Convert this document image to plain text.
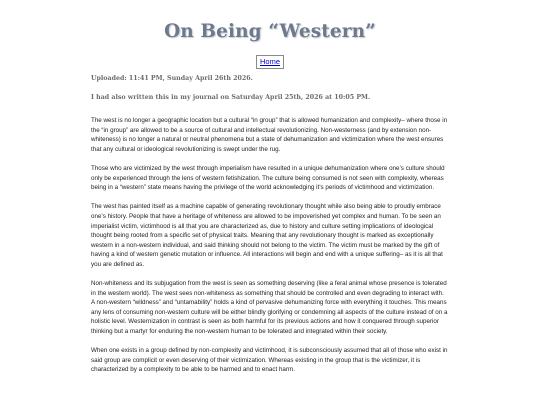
On Being “Western”
Home
Uploaded: 11:41 PM, Sunday April 26th 2026.
I had also written this in my journal on Saturday April 25th, 2026 at 10:05 PM.

The west is no longer a geographic location but a cultural “in group” that is allowed humanization and complexity– where those in the “in group” are allowed to be a source of cultural and intellectual revolutionizing. Non-westerness (and by extension non-whiteness) is no longer a natural or neutral phenomena but a state of dehumanization and victimization where the west ensures that any cultural or ideological revolutionizing is swept under the rug.

Those who are victimized by the west through imperialism have resulted in a unique dehumanization where one’s culture should only be experienced through the lens of western fetishization. The culture being consumed is not seen with complexity, whereas being in a “western” state means having the privilege of the world acknowledging it’s periods of victimhood and victimization.

The west has painted itself as a machine capable of generating revolutionary thought while also being able to proudly embrace one’s history. People that have a heritage of whiteness are allowed to be impoverished yet complex and human. To be seen an imperialist victim, victimhood is all that you are characterized as, due to history and culture setting implications of ideological thought being rooted from a specific set of physical traits. Meaning that any revolutionary thought is marked as exceptionally western in a non-western individual, and said thinking should not belong to the victim. The victim must be marked by the gift of having a kind of western genetic mutation or influence. All interactions will begin and end with a unique suffering– as it is all that you are defined as.

Non-whiteness and its subjugation from the west is seen as something deserving (like a feral animal whose presence is tolerated in the western world). The west sees non-whiteness as something that should be controlled and even degrading to interact with. A non-western “wildness” and “untamability” holds a kind of pervasive dehumanizing force with everything it touches. This means any lens of consuming non-western culture will be either blindly glorifying or condemning all aspects of the culture instead of on a holistic level. Westernization in contrast is seen as both harmful for its previous actions and how it conquered through superior thinking but a martyr for enduring the non-western human to be tolerated and integrated within their society.

When one exists in a group defined by non-complexity and victimhood, it is subconsciously assumed that all of those who exist in said group are complicit or even deserving of their victimization. Whereas existing in the group that is the victimizer, it is characterized by a complexity to be able to be harmed and to enact harm.
